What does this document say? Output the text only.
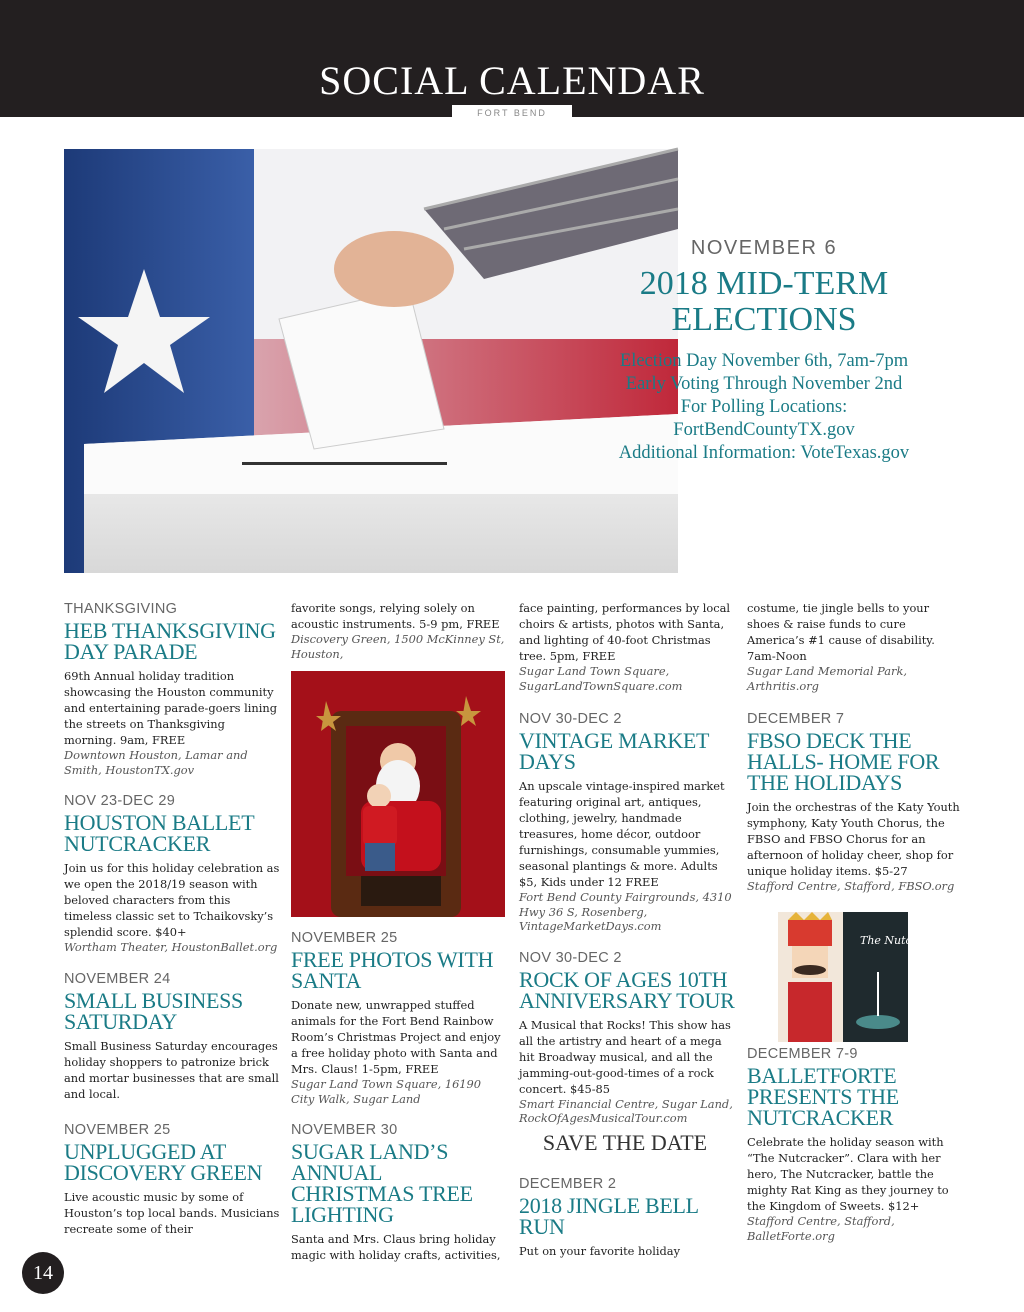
SOCIAL CALENDAR
FORT BEND
NOVEMBER 6
2018 MID-TERM
ELECTIONS
Election Day November 6th, 7am-7pm
Early Voting Through November 2nd
For Polling Locations:
FortBendCountyTX.gov
Additional Information: VoteTexas.gov
THANKSGIVING
HEB THANKSGIVING DAY PARADE
69th Annual holiday tradition showcasing the Houston community and entertaining parade-goers lining the streets on Thanksgiving morning. 9am, FREE
Downtown Houston, Lamar and Smith, HoustonTX.gov
NOV 23-DEC 29
HOUSTON BALLET NUTCRACKER
Join us for this holiday celebration as we open the 2018/19 season with beloved characters from this timeless classic set to Tchaikovsky’s splendid score. $40+
Wortham Theater, HoustonBallet.org
NOVEMBER 24
SMALL BUSINESS SATURDAY
Small Business Saturday encourages holiday shoppers to patronize brick and mortar businesses that are small and local.
NOVEMBER 25
UNPLUGGED AT DISCOVERY GREEN
Live acoustic music by some of Houston’s top local bands. Musicians recreate some of their
favorite songs, relying solely on acoustic instruments. 5-9 pm, FREE
Discovery Green, 1500 McKinney St, Houston,
NOVEMBER 25
FREE PHOTOS WITH SANTA
Donate new, unwrapped stuffed animals for the Fort Bend Rainbow Room’s Christmas Project and enjoy a free holiday photo with Santa and Mrs. Claus! 1-5pm, FREE
Sugar Land Town Square, 16190 City Walk, Sugar Land
NOVEMBER 30
SUGAR LAND’S ANNUAL CHRISTMAS TREE LIGHTING
Santa and Mrs. Claus bring holiday magic with holiday crafts, activities,
face painting, performances by local choirs & artists, photos with Santa, and lighting of 40-foot Christmas tree. 5pm, FREE
Sugar Land Town Square, SugarLandTownSquare.com
NOV 30-DEC 2
VINTAGE MARKET DAYS
An upscale vintage-inspired market featuring original art, antiques, clothing, jewelry, handmade treasures, home décor, outdoor furnishings, consumable yummies, seasonal plantings & more. Adults $5, Kids under 12 FREE
Fort Bend County Fairgrounds, 4310 Hwy 36 S, Rosenberg, VintageMarketDays.com
NOV 30-DEC 2
ROCK OF AGES 10TH ANNIVERSARY TOUR
A Musical that Rocks! This show has all the artistry and heart of a mega hit Broadway musical, and all the jamming-out-good-times of a rock concert. $45-85
Smart Financial Centre, Sugar Land, RockOfAgesMusicalTour.com
SAVE THE DATE
DECEMBER 2
2018 JINGLE BELL RUN
Put on your favorite holiday
costume, tie jingle bells to your shoes & raise funds to cure America’s #1 cause of disability. 7am-Noon
Sugar Land Memorial Park, Arthritis.org
DECEMBER 7
FBSO DECK THE HALLS- HOME FOR THE HOLIDAYS
Join the orchestras of the Katy Youth symphony, Katy Youth Chorus, the FBSO and FBSO Chorus for an afternoon of holiday cheer, shop for unique holiday items. $5-27
Stafford Centre, Stafford, FBSO.org
The Nutcracker
DECEMBER 7-9
BALLETFORTE PRESENTS THE NUTCRACKER
Celebrate the holiday season with “The Nutcracker”. Clara with her hero, The Nutcracker, battle the mighty Rat King as they journey to the Kingdom of Sweets. $12+
Stafford Centre, Stafford, BalletForte.org
14
